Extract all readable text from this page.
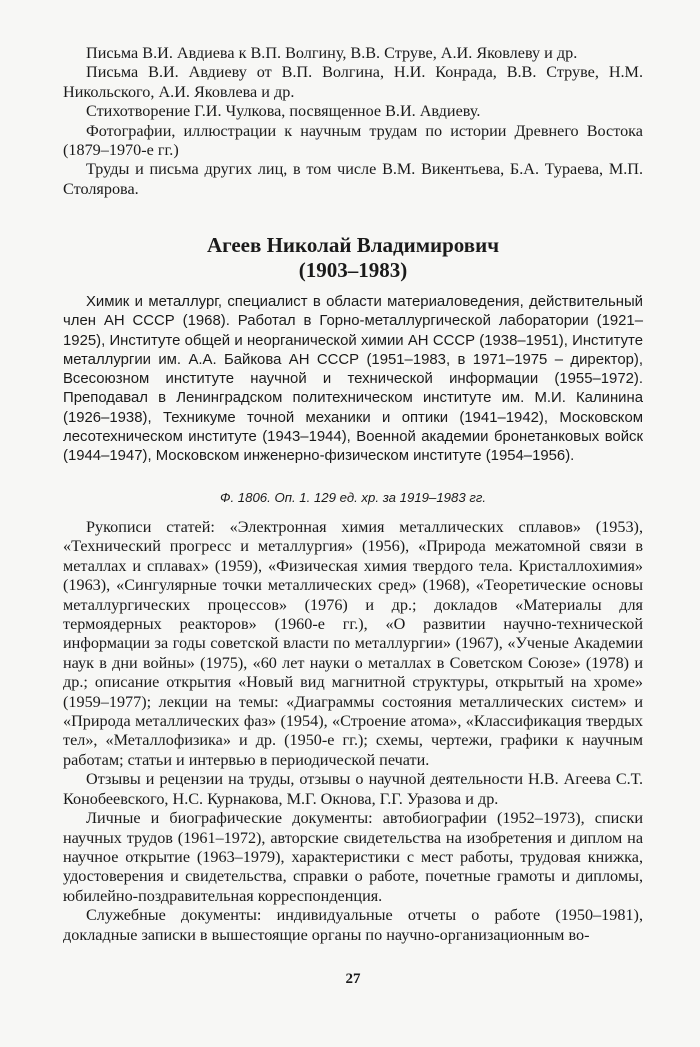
Письма В.И. Авдиева к В.П. Волгину, В.В. Струве, А.И. Яковлеву и др.

Письма В.И. Авдиеву от В.П. Волгина, Н.И. Конрада, В.В. Струве, Н.М. Никольского, А.И. Яковлева и др.

Стихотворение Г.И. Чулкова, посвященное В.И. Авдиеву.

Фотографии, иллюстрации к научным трудам по истории Древнего Востока (1879–1970-е гг.)

Труды и письма других лиц, в том числе В.М. Викентьева, Б.А. Тураева, М.П. Столярова.

Агеев Николай Владимирович
(1903–1983)

Химик и металлург, специалист в области материаловедения, действительный член АН СССР (1968). Работал в Горно-металлургической лаборатории (1921–1925), Институте общей и неорганической химии АН СССР (1938–1951), Институте металлургии им. А.А. Байкова АН СССР (1951–1983, в 1971–1975 – директор), Всесоюзном институте научной и технической информации (1955–1972). Преподавал в Ленинградском политехническом институте им. М.И. Калинина (1926–1938), Техникуме точной механики и оптики (1941–1942), Московском лесотехническом институте (1943–1944), Военной академии бронетанковых войск (1944–1947), Московском инженерно-физическом институте (1954–1956).

Ф. 1806. Оп. 1. 129 ед. хр. за 1919–1983 гг.

Рукописи статей: «Электронная химия металлических сплавов» (1953), «Технический прогресс и металлургия» (1956), «Природа межатомной связи в металлах и сплавах» (1959), «Физическая химия твердого тела. Кристаллохимия» (1963), «Сингулярные точки металлических сред» (1968), «Теоретические основы металлургических процессов» (1976) и др.; докладов «Материалы для термоядерных реакторов» (1960-е гг.), «О развитии научно-технической информации за годы советской власти по металлургии» (1967), «Ученые Академии наук в дни войны» (1975), «60 лет науки о металлах в Советском Союзе» (1978) и др.; описание открытия «Новый вид магнитной структуры, открытый на хроме» (1959–1977); лекции на темы: «Диаграммы состояния металлических систем» и «Природа металлических фаз» (1954), «Строение атома», «Классификация твердых тел», «Металлофизика» и др. (1950-е гг.); схемы, чертежи, графики к научным работам; статьи и интервью в периодической печати.

Отзывы и рецензии на труды, отзывы о научной деятельности Н.В. Агеева С.Т. Конобеевского, Н.С. Курнакова, М.Г. Окнова, Г.Г. Уразова и др.

Личные и биографические документы: автобиографии (1952–1973), списки научных трудов (1961–1972), авторские свидетельства на изобретения и диплом на научное открытие (1963–1979), характеристики с мест работы, трудовая книжка, удостоверения и свидетельства, справки о работе, почетные грамоты и дипломы, юбилейно-поздравительная корреспонденция.

Служебные документы: индивидуальные отчеты о работе (1950–1981), докладные записки в вышестоящие органы по научно-организационным во-

27
